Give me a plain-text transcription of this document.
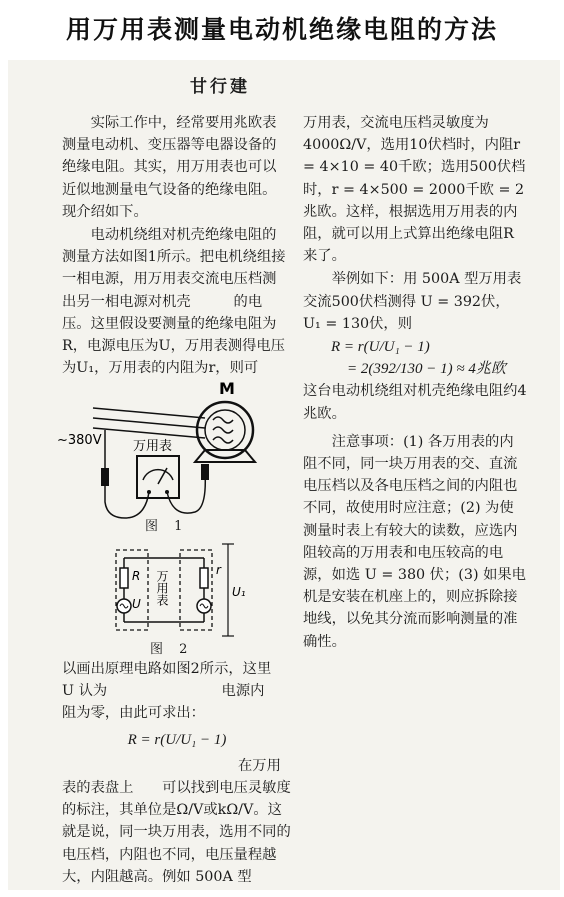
用万用表测量电动机绝缘电阻的方法
甘行建

实际工作中，经常要用兆欧表测量电动机、变压器等电器设备的绝缘电阻。其实，用万用表也可以近似地测量电气设备的绝缘电阻。现介绍如下。

电动机绕组对机壳绝缘电阻的测量方法如图1所示。把电机绕组接一相电源，用万用表交流电压档测出另一相电源对机壳　　　的电压。这里假设要测量的绝缘电阻为R，电源电压为U，万用表测得电压为U₁，万用表的内阻为r，则可

M
~380V 万用表
图 1
R
U
r
万用表	U₁
图 2
以画出原理电路如图2所示，这里
U 认为　　　　　　　　电源内
阻为零，由此可求出：
R = r(U/U₁ − 1)
在万用

表的表盘上　　可以找到电压灵敏度的标注，其单位是Ω/V或kΩ/V。这就是说，同一块万用表，选用不同的电压档，内阻也不同，电压量程越大，内阻越高。例如 500A 型

万用表，交流电压档灵敏度为4000Ω/V，选用10伏档时，内阻r = 4×10 = 40千欧；选用500伏档时，r = 4×500 = 2000千欧 = 2兆欧。这样，根据选用万用表的内阻，就可以用上式算出绝缘电阻R来了。

举例如下：用 500A 型万用表交流500伏档测得 U = 392伏，U₁ = 130伏，则

R = r(U/U₁ − 1)
= 2(392/130 − 1) ≈ 4兆欧

这台电动机绕组对机壳绝缘电阻约4兆欧。

注意事项：(1) 各万用表的内阻不同，同一块万用表的交、直流电压档以及各电压档之间的内阻也不同，故使用时应注意；(2) 为使测量时表上有较大的读数，应选内阻较高的万用表和电压较高的电源，如选 U = 380 伏；(3) 如果电机是安装在机座上的，则应拆除接地线，以免其分流而影响测量的准确性。
